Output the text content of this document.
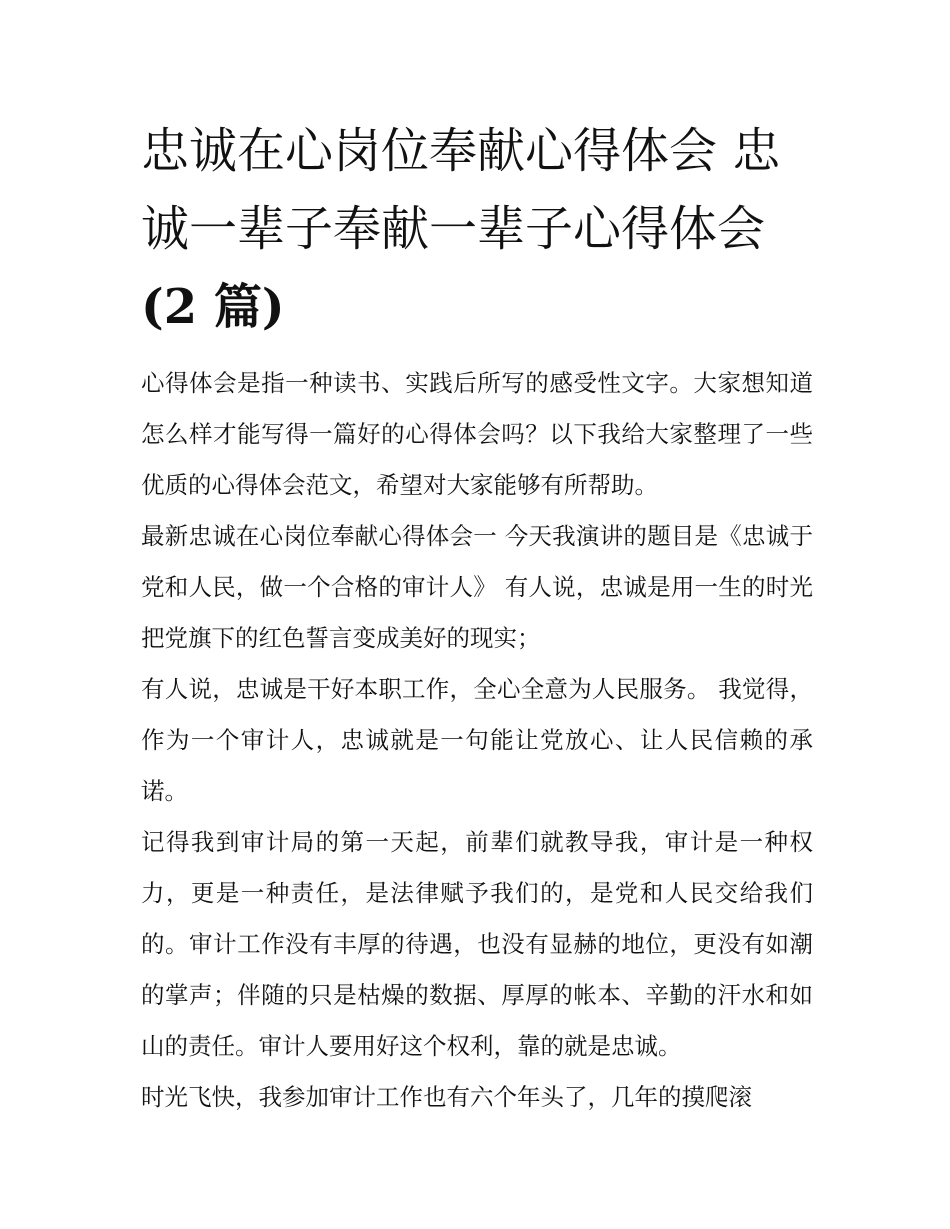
忠诚在心岗位奉献心得体会 忠诚一辈子奉献一辈子心得体会
(2 篇)

心得体会是指一种读书、实践后所写的感受性文字。大家想知道怎么样才能写得一篇好的心得体会吗？以下我给大家整理了一些优质的心得体会范文，希望对大家能够有所帮助。

最新忠诚在心岗位奉献心得体会一 今天我演讲的题目是《忠诚于党和人民，做一个合格的审计人》 有人说，忠诚是用一生的时光把党旗下的红色誓言变成美好的现实；

有人说，忠诚是干好本职工作，全心全意为人民服务。 我觉得，作为一个审计人，忠诚就是一句能让党放心、让人民信赖的承诺。

记得我到审计局的第一天起，前辈们就教导我，审计是一种权力，更是一种责任，是法律赋予我们的，是党和人民交给我们的。审计工作没有丰厚的待遇，也没有显赫的地位，更没有如潮的掌声；伴随的只是枯燥的数据、厚厚的帐本、辛勤的汗水和如山的责任。审计人要用好这个权利，靠的就是忠诚。

时光飞快，我参加审计工作也有六个年头了，几年的摸爬滚
